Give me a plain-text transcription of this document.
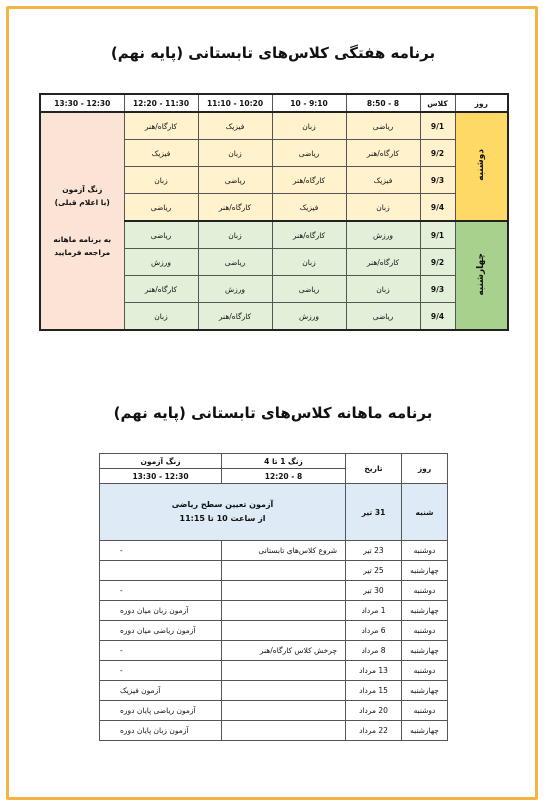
برنامه هفتگی کلاس‌های تابستانی (پایه نهم)
روز	کلاس	8 - 8:50	9:10 - 10	10:20 - 11:10	11:30 - 12:20	12:30 - 13:30
دوشنبه	9/1	ریاضی	زبان	فیزیک	کارگاه/هنر	زنگ آزمون
(با اعلام قبلی)
به برنامه ماهانه
مراجعه فرمایید

	9/2	کارگاه/هنر	ریاضی	زبان	فیزیک	
	9/3	فیزیک	کارگاه/هنر	ریاضی	زبان	
	9/4	زبان	فیزیک	کارگاه/هنر	ریاضی	
چهارشنبه	9/1	ورزش	کارگاه/هنر	زبان	ریاضی	
	9/2	کارگاه/هنر	زبان	ریاضی	ورزش	
	9/3	زبان	ریاضی	ورزش	کارگاه/هنر	
	9/4	ریاضی	ورزش	کارگاه/هنر	زبان	
برنامه ماهانه کلاس‌های تابستانی (پایه نهم)
روز	تاریخ	زنگ 1 تا 4	زنگ آزمون
		8 - 12:20	12:30 - 13:30
شنبه	31 تیر	آزمون تعیین سطح ریاضی
از ساعت 10 تا 11:15	

دوشنبه	23 تیر	شروع کلاس‌های تابستانی	-
چهارشنبه	25 تیر		
دوشنبه	30 تیر		-
چهارشنبه	1 مرداد		آزمون زبان میان دوره
دوشنبه	6 مرداد		آزمون ریاضی میان دوره
چهارشنبه	8 مرداد	چرخش کلاس کارگاه/هنر	-
دوشنبه	13 مرداد		-
چهارشنبه	15 مرداد		آزمون فیزیک
دوشنبه	20 مرداد		آزمون ریاضی پایان دوره
چهارشنبه	22 مرداد		آزمون زبان پایان دوره
